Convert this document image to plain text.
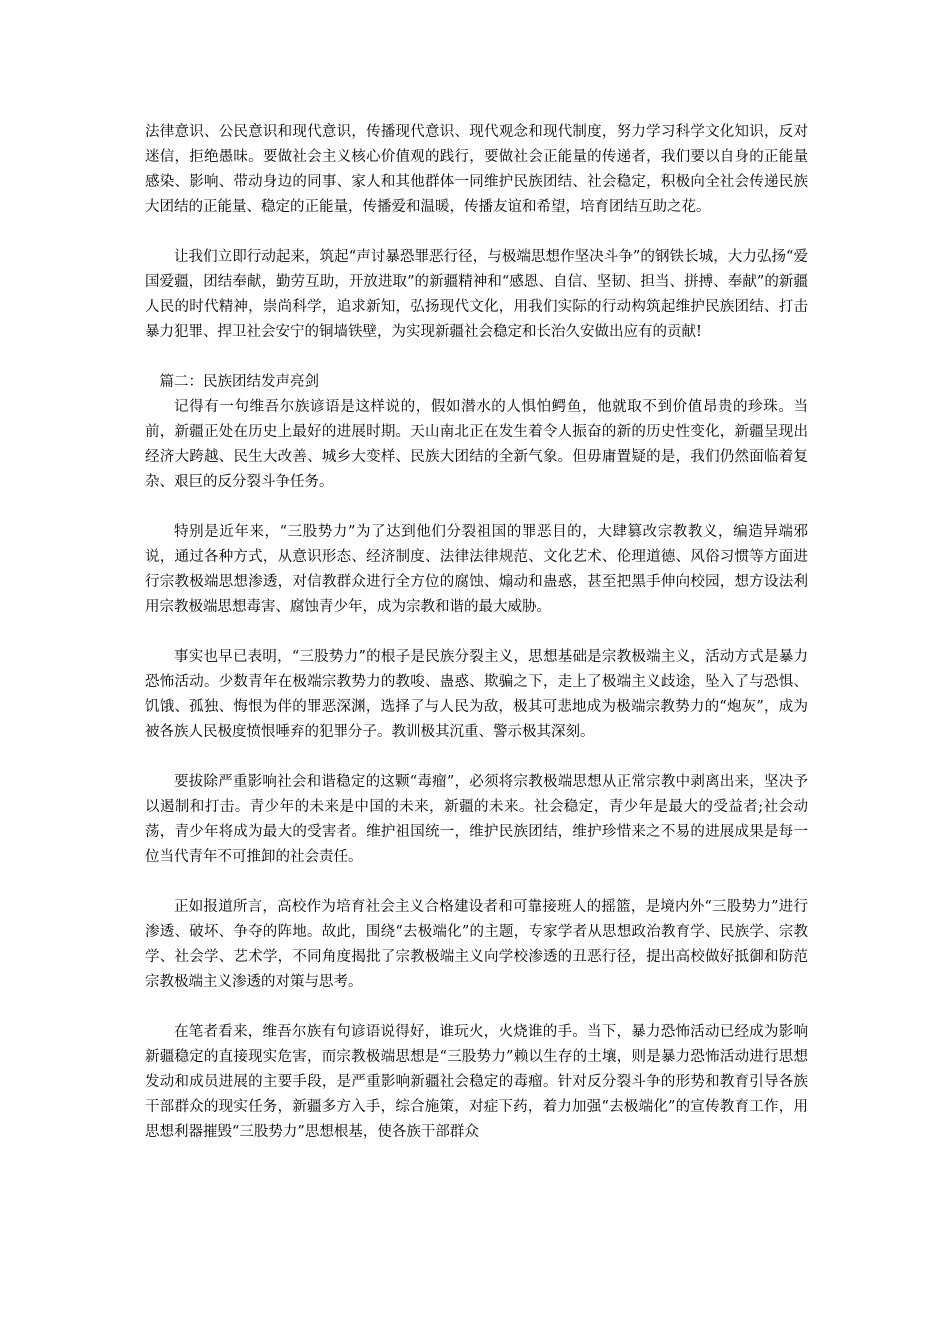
法律意识、公民意识和现代意识，传播现代意识、现代观念和现代制度，努力学习科学文化知识，反对迷信，拒绝愚昧。要做社会主义核心价值观的践行，要做社会正能量的传递者，我们要以自身的正能量感染、影响、带动身边的同事、家人和其他群体一同维护民族团结、社会稳定，积极向全社会传递民族大团结的正能量、稳定的正能量，传播爱和温暖，传播友谊和希望，培育团结互助之花。

让我们立即行动起来，筑起“声讨暴恐罪恶行径，与极端思想作坚决斗争”的钢铁长城，大力弘扬“爱国爱疆，团结奉献，勤劳互助，开放进取”的新疆精神和“感恩、自信、坚韧、担当、拼搏、奉献”的新疆人民的时代精神，崇尚科学，追求新知，弘扬现代文化，用我们实际的行动构筑起维护民族团结、打击暴力犯罪、捍卫社会安宁的铜墙铁壁，为实现新疆社会稳定和长治久安做出应有的贡献!

篇二：民族团结发声亮剑

记得有一句维吾尔族谚语是这样说的，假如潜水的人惧怕鳄鱼，他就取不到价值昂贵的珍珠。当前，新疆正处在历史上最好的进展时期。天山南北正在发生着令人振奋的新的历史性变化，新疆呈现出经济大跨越、民生大改善、城乡大变样、民族大团结的全新气象。但毋庸置疑的是，我们仍然面临着复杂、艰巨的反分裂斗争任务。

特别是近年来，“三股势力”为了达到他们分裂祖国的罪恶目的，大肆篡改宗教教义，编造异端邪说，通过各种方式，从意识形态、经济制度、法律法律规范、文化艺术、伦理道德、风俗习惯等方面进行宗教极端思想渗透，对信教群众进行全方位的腐蚀、煽动和蛊惑，甚至把黑手伸向校园，想方设法利用宗教极端思想毒害、腐蚀青少年，成为宗教和谐的最大威胁。

事实也早已表明，“三股势力”的根子是民族分裂主义，思想基础是宗教极端主义，活动方式是暴力恐怖活动。少数青年在极端宗教势力的教唆、蛊惑、欺骗之下，走上了极端主义歧途，坠入了与恐惧、饥饿、孤独、悔恨为伴的罪恶深渊，选择了与人民为敌，极其可悲地成为极端宗教势力的“炮灰”，成为被各族人民极度愤恨唾弃的犯罪分子。教训极其沉重、警示极其深刻。

要拔除严重影响社会和谐稳定的这颗“毒瘤”，必须将宗教极端思想从正常宗教中剥离出来，坚决予以遏制和打击。青少年的未来是中国的未来，新疆的未来。社会稳定，青少年是最大的受益者;社会动荡，青少年将成为最大的受害者。维护祖国统一，维护民族团结，维护珍惜来之不易的进展成果是每一位当代青年不可推卸的社会责任。

正如报道所言，高校作为培育社会主义合格建设者和可靠接班人的摇篮，是境内外“三股势力”进行渗透、破坏、争夺的阵地。故此，围绕“去极端化”的主题，专家学者从思想政治教育学、民族学、宗教学、社会学、艺术学，不同角度揭批了宗教极端主义向学校渗透的丑恶行径，提出高校做好抵御和防范宗教极端主义渗透的对策与思考。

在笔者看来，维吾尔族有句谚语说得好，谁玩火，火烧谁的手。当下，暴力恐怖活动已经成为影响新疆稳定的直接现实危害，而宗教极端思想是“三股势力”赖以生存的土壤，则是暴力恐怖活动进行思想发动和成员进展的主要手段，是严重影响新疆社会稳定的毒瘤。针对反分裂斗争的形势和教育引导各族干部群众的现实任务，新疆多方入手，综合施策，对症下药，着力加强“去极端化”的宣传教育工作，用思想利器摧毁“三股势力”思想根基，使各族干部群众
